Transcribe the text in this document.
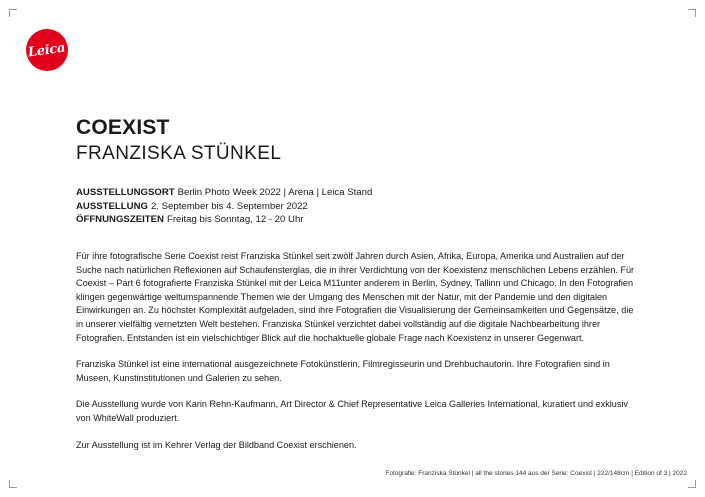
Leica
COEXIST
FRANZISKA STÜNKEL
AUSSTELLUNGSORT Berlin Photo Week 2022 | Arena | Leica Stand
AUSSTELLUNG 2. September bis 4. September 2022
ÖFFNUNGSZEITEN Freitag bis Sonntag, 12 - 20 Uhr

Für ihre fotografische Serie Coexist reist Franziska Stünkel seit zwölf Jahren durch Asien, Afrika, Europa, Amerika und Australien auf der Suche nach natürlichen Reflexionen auf Schaufensterglas, die in ihrer Verdichtung von der Koexistenz menschlichen Lebens erzählen. Für Coexist – Part 6 fotografierte Franziska Stünkel mit der Leica M11unter anderem in Berlin, Sydney, Tallinn und Chicago. In den Fotografien klingen gegenwärtige weltumspannende Themen wie der Umgang des Menschen mit der Natur, mit der Pandemie und den digitalen Einwirkungen an. Zu höchster Komplexität aufgeladen, sind ihre Fotografien die Visualisierung der Gemeinsamkeiten und Gegensätze, die in unserer vielfältig vernetzten Welt bestehen. Franziska Stünkel verzichtet dabei vollständig auf die digitale Nachbearbeitung ihrer Fotografien. Entstanden ist ein vielschichtiger Blick auf die hochaktuelle globale Frage nach Koexistenz in unserer Gegenwart.

Franziska Stünkel ist eine international ausgezeichnete Fotokünstlerin, Filmregisseurin und Drehbuchautorin. Ihre Fotografien sind in Museen, Kunstinstitutionen und Galerien zu sehen.

Die Ausstellung wurde von Karin Rehn-Kaufmann, Art Director & Chief Representative Leica Galleries International, kuratiert und exklusiv von WhiteWall produziert.

Zur Ausstellung ist im Kehrer Verlag der Bildband Coexist erschienen.

Fotografie: Franziska Stünkel | all the stories 144 aus der Serie: Coexist | 222/148cm | Edition of 3 | 2022
